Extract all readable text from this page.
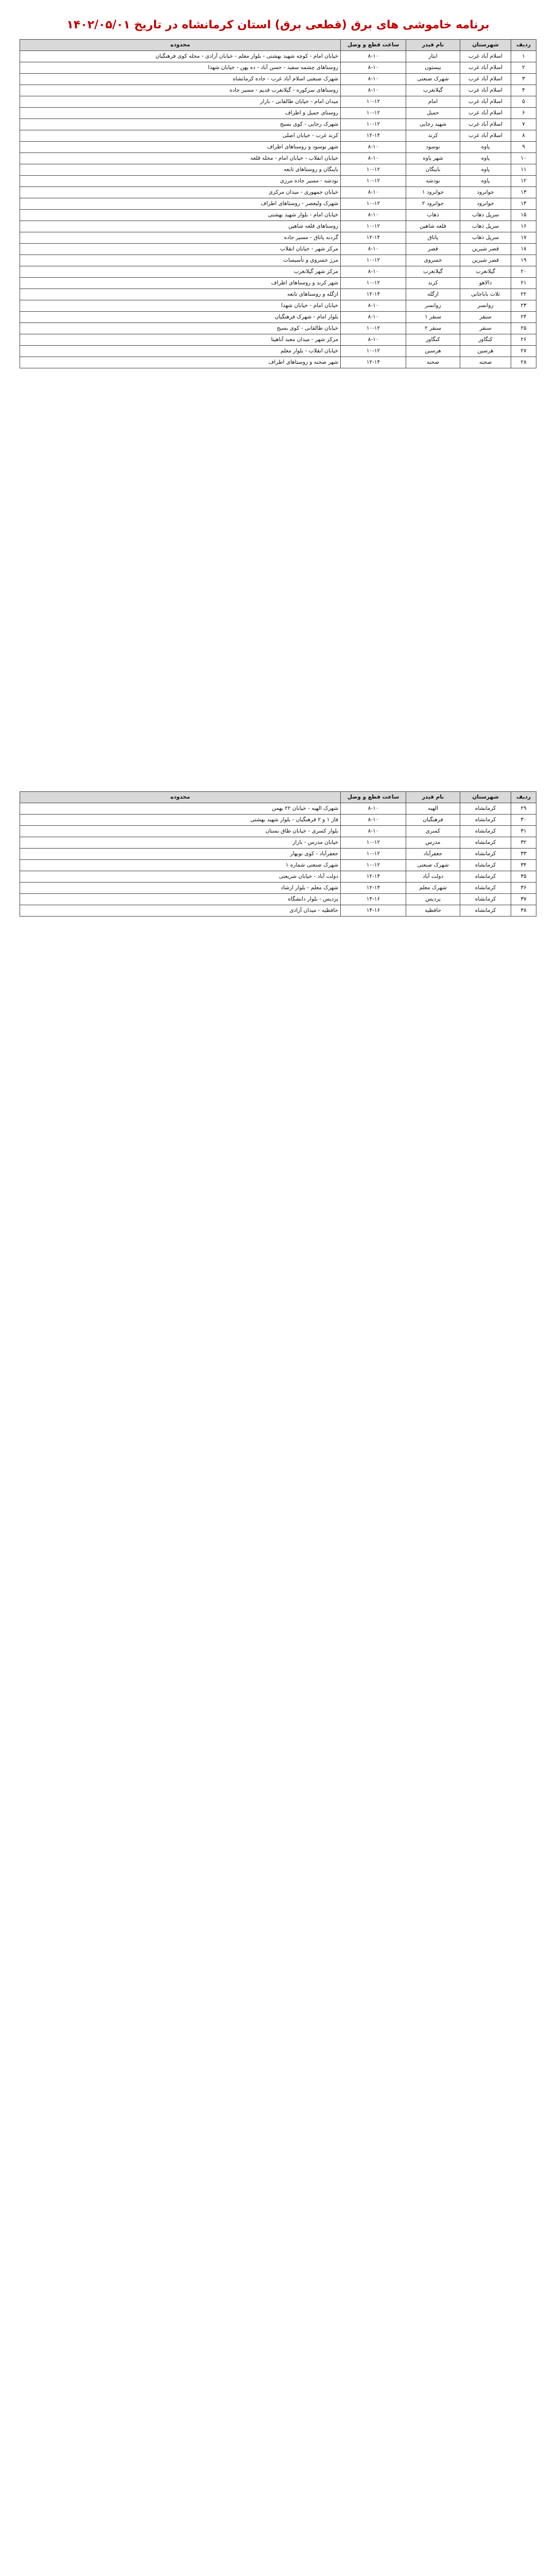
برنامه خاموشی های برق (قطعی برق) استان کرمانشاه در تاریخ ۱۴۰۲/۰۵/۰۱
ردیف	شهرستان	نام فیدر	ساعت قطع و وصل	محدوده
۱	اسلام آباد غرب	ایثار	۸-۱۰	خیابان امام - کوچه شهید بهشتی - بلوار معلم - خیابان آزادی - محله کوی فرهنگیان
۲	اسلام آباد غرب	بیستون	۸-۱۰	روستاهای چشمه سفید - حسن آباد - ده پهن - خیابان شهدا
۳	اسلام آباد غرب	شهرک صنعتی	۸-۱۰	شهرک صنعتی اسلام آباد غرب - جاده کرمانشاه
۴	اسلام آباد غرب	گیلانغرب	۸-۱۰	روستاهای سرکوره - گیلانغرب قدیم - مسیر جاده
۵	اسلام آباد غرب	امام	۱۰-۱۲	میدان امام - خیابان طالقانی - بازار
۶	اسلام آباد غرب	حمیل	۱۰-۱۲	روستای حمیل و اطراف
۷	اسلام آباد غرب	شهید رجایی	۱۰-۱۲	شهرک رجایی - کوی بسیج
۸	اسلام آباد غرب	کرند	۱۲-۱۴	کرند غرب - خیابان اصلی
۹	پاوه	نوسود	۸-۱۰	شهر نوسود و روستاهای اطراف
۱۰	پاوه	شهر پاوه	۸-۱۰	خیابان انقلاب - خیابان امام - محله قلعه
۱۱	پاوه	باینگان	۱۰-۱۲	باینگان و روستاهای تابعه
۱۲	پاوه	نودشه	۱۰-۱۲	نودشه - مسیر جاده مرزی
۱۳	جوانرود	جوانرود ۱	۸-۱۰	خیابان جمهوری - میدان مرکزی
۱۴	جوانرود	جوانرود ۲	۱۰-۱۲	شهرک ولیعصر - روستاهای اطراف
۱۵	سرپل ذهاب	ذهاب	۸-۱۰	خیابان امام - بلوار شهید بهشتی
۱۶	سرپل ذهاب	قلعه شاهین	۱۰-۱۲	روستاهای قلعه شاهین
۱۷	سرپل ذهاب	پاتاق	۱۲-۱۴	گردنه پاتاق - مسیر جاده
۱۸	قصر شیرین	قصر	۸-۱۰	مرکز شهر - خیابان انقلاب
۱۹	قصر شیرین	خسروی	۱۰-۱۲	مرز خسروی و تأسیسات
۲۰	گیلانغرب	گیلانغرب	۸-۱۰	مرکز شهر گیلانغرب
۲۱	دالاهو	کرند	۱۰-۱۲	شهر کرند و روستاهای اطراف
۲۲	ثلاث باباجانی	ازگله	۱۲-۱۴	ازگله و روستاهای تابعه
۲۳	روانسر	روانسر	۸-۱۰	خیابان امام - خیابان شهدا
۲۴	سنقر	سنقر ۱	۸-۱۰	بلوار امام - شهرک فرهنگیان
۲۵	سنقر	سنقر ۲	۱۰-۱۲	خیابان طالقانی - کوی بسیج
۲۶	کنگاور	کنگاور	۸-۱۰	مرکز شهر - میدان معبد آناهیتا
۲۷	هرسین	هرسین	۱۰-۱۲	خیابان انقلاب - بلوار معلم
۲۸	صحنه	صحنه	۱۲-۱۴	شهر صحنه و روستاهای اطراف
ردیف	شهرستان	نام فیدر	ساعت قطع و وصل	محدوده
۲۹	کرمانشاه	الهیه	۸-۱۰	شهرک الهیه - خیابان ۲۲ بهمن
۳۰	کرمانشاه	فرهنگیان	۸-۱۰	فاز ۱ و ۲ فرهنگیان - بلوار شهید بهشتی
۳۱	کرمانشاه	کسری	۸-۱۰	بلوار کسری - خیابان طاق بستان
۳۲	کرمانشاه	مدرس	۱۰-۱۲	خیابان مدرس - بازار
۳۳	کرمانشاه	جعفرآباد	۱۰-۱۲	جعفرآباد - کوی نوبهار
۳۴	کرمانشاه	شهرک صنعتی	۱۰-۱۲	شهرک صنعتی شماره ۱
۳۵	کرمانشاه	دولت آباد	۱۲-۱۴	دولت آباد - خیابان شریعتی
۳۶	کرمانشاه	شهرک معلم	۱۲-۱۴	شهرک معلم - بلوار ارشاد
۳۷	کرمانشاه	پردیس	۱۴-۱۶	پردیس - بلوار دانشگاه
۳۸	کرمانشاه	حافظیه	۱۴-۱۶	حافظیه - میدان آزادی
